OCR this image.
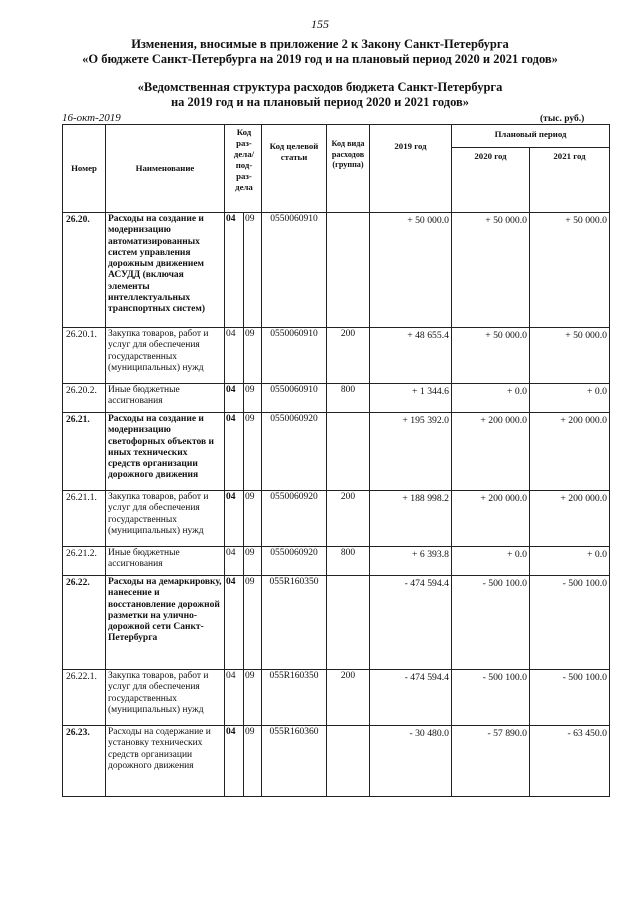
155
Изменения, вносимые в приложение 2 к Закону Санкт-Петербурга
«О бюджете Санкт-Петербурга на 2019 год и на плановый период 2020 и 2021 годов»
«Ведомственная структура расходов бюджета Санкт-Петербурга
на 2019 год и на плановый период 2020 и 2021 годов»
16-окт-2019	(тыс. руб.)
Номер	Наименование	Код раз- дела/ под- раз- дела		Код целевой статьи	Код вида расходов (группа)	2019 год	Плановый период	

							2020 год	2021 год

26.20.	Расходы на создание и модернизацию автоматизированных систем управления дорожным движением АСУДД (включая элементы интеллектуальных транспортных систем)	04	09	0550060910		+ 50 000.0	+ 50 000.0	+ 50 000.0
26.20.1.	Закупка товаров, работ и услуг для обеспечения государственных (муниципальных) нужд	04	09	0550060910	200	+ 48 655.4	+ 50 000.0	+ 50 000.0
26.20.2.	Иные бюджетные ассигнования	04	09	0550060910	800	+ 1 344.6	+ 0.0	+ 0.0
26.21.	Расходы на создание и модернизацию светофорных объектов и иных технических средств организации дорожного движения	04	09	0550060920		+ 195 392.0	+ 200 000.0	+ 200 000.0
26.21.1.	Закупка товаров, работ и услуг для обеспечения государственных (муниципальных) нужд	04	09	0550060920	200	+ 188 998.2	+ 200 000.0	+ 200 000.0
26.21.2.	Иные бюджетные ассигнования	04	09	0550060920	800	+ 6 393.8	+ 0.0	+ 0.0
26.22.	Расходы на демаркировку, нанесение и восстановление дорожной разметки на улично-дорожной сети Санкт-Петербурга	04	09	055R160350		- 474 594.4	- 500 100.0	- 500 100.0
26.22.1.	Закупка товаров, работ и услуг для обеспечения государственных (муниципальных) нужд	04	09	055R160350	200	- 474 594.4	- 500 100.0	- 500 100.0
26.23.	Расходы на содержание и установку технических средств организации дорожного движения	04	09	055R160360		- 30 480.0	- 57 890.0	- 63 450.0
